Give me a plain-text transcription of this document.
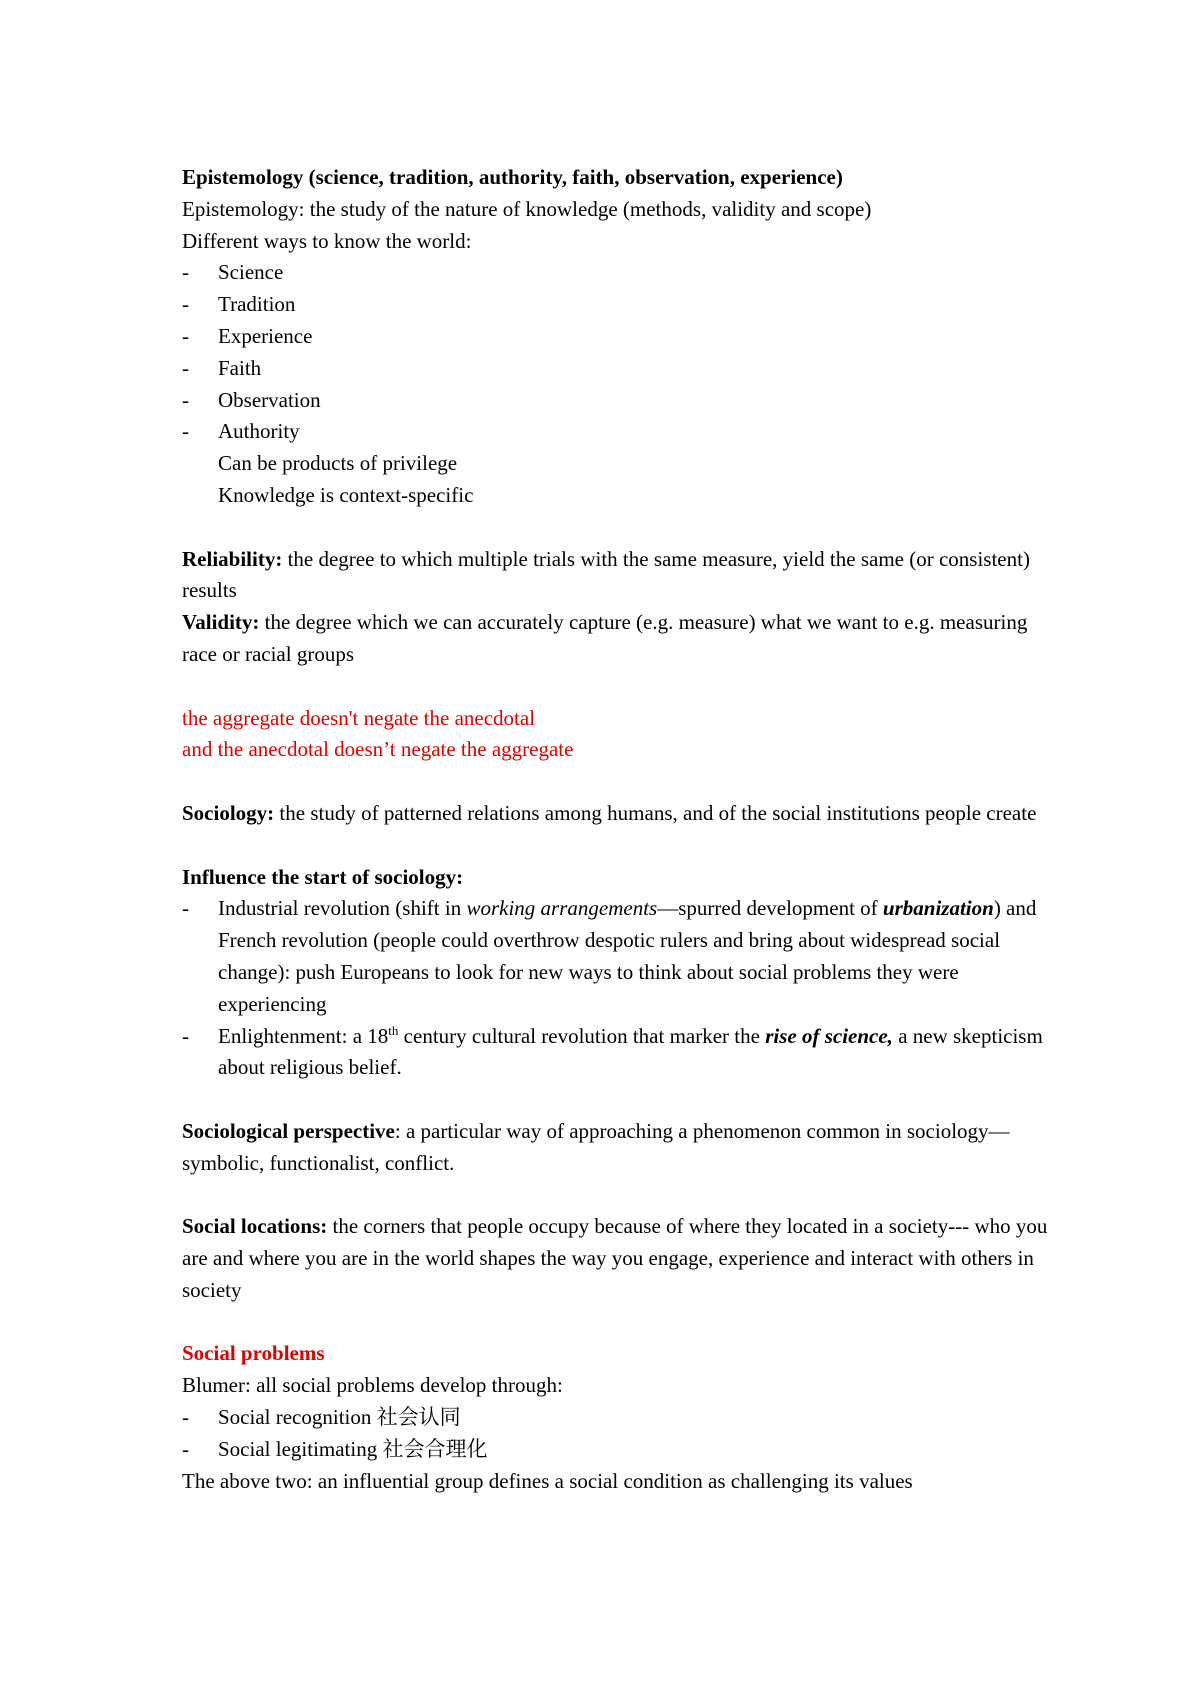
Epistemology (science, tradition, authority, faith, observation, experience)

Epistemology: the study of the nature of knowledge (methods, validity and scope)

Different ways to know the world:

- Science
- Tradition
- Experience
- Faith
- Observation
- Authority

Can be products of privilege

Knowledge is context-specific

Reliability: the degree to which multiple trials with the same measure, yield the same (or consistent) results

Validity: the degree which we can accurately capture (e.g. measure) what we want to e.g. measuring race or racial groups

the aggregate doesn't negate the anecdotal

and the anecdotal doesn’t negate the aggregate

Sociology: the study of patterned relations among humans, and of the social institutions people create

Influence the start of sociology:

- Industrial revolution (shift in working arrangements—spurred development of urbanization) and French revolution (people could overthrow despotic rulers and bring about widespread social change): push Europeans to look for new ways to think about social problems they were experiencing
- Enlightenment: a 18th century cultural revolution that marker the rise of science, a new skepticism about religious belief.

Sociological perspective: a particular way of approaching a phenomenon common in sociology—symbolic, functionalist, conflict.

Social locations: the corners that people occupy because of where they located in a society--- who you are and where you are in the world shapes the way you engage, experience and interact with others in society

Social problems

Blumer: all social problems develop through:

- Social recognition 社会认同
- Social legitimating 社会合理化

The above two: an influential group defines a social condition as challenging its values
